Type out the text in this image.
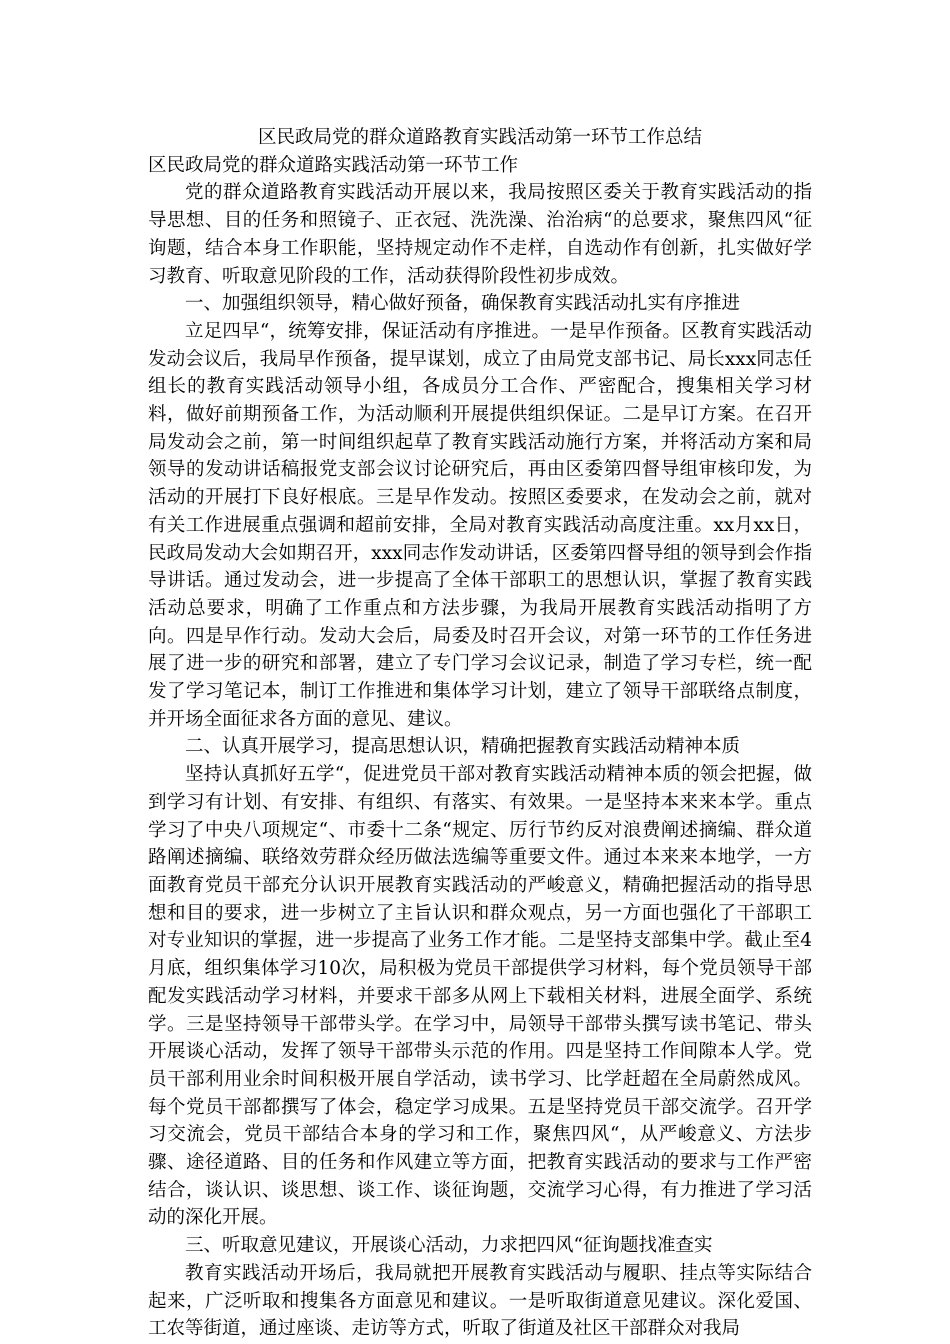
区民政局党的群众道路教育实践活动第一环节工作总结

区民政局党的群众道路实践活动第一环节工作

党的群众道路教育实践活动开展以来，我局按照区委关于教育实践活动的指导思想、目的任务和照镜子、正衣冠、洗洗澡、治治病“的总要求，聚焦四风“征询题，结合本身工作职能，坚持规定动作不走样，自选动作有创新，扎实做好学习教育、听取意见阶段的工作，活动获得阶段性初步成效。

一、加强组织领导，精心做好预备，确保教育实践活动扎实有序推进

立足四早“，统筹安排，保证活动有序推进。一是早作预备。区教育实践活动发动会议后，我局早作预备，提早谋划，成立了由局党支部书记、局长xxx同志任组长的教育实践活动领导小组，各成员分工合作、严密配合，搜集相关学习材料，做好前期预备工作，为活动顺利开展提供组织保证。二是早订方案。在召开局发动会之前，第一时间组织起草了教育实践活动施行方案，并将活动方案和局领导的发动讲话稿报党支部会议讨论研究后，再由区委第四督导组审核印发，为活动的开展打下良好根底。三是早作发动。按照区委要求，在发动会之前，就对有关工作进展重点强调和超前安排，全局对教育实践活动高度注重。xx月xx日，民政局发动大会如期召开，xxx同志作发动讲话，区委第四督导组的领导到会作指导讲话。通过发动会，进一步提高了全体干部职工的思想认识，掌握了教育实践活动总要求，明确了工作重点和方法步骤，为我局开展教育实践活动指明了方向。四是早作行动。发动大会后，局委及时召开会议，对第一环节的工作任务进展了进一步的研究和部署，建立了专门学习会议记录，制造了学习专栏，统一配发了学习笔记本，制订工作推进和集体学习计划，建立了领导干部联络点制度，并开场全面征求各方面的意见、建议。

二、认真开展学习，提高思想认识，精确把握教育实践活动精神本质

坚持认真抓好五学“，促进党员干部对教育实践活动精神本质的领会把握，做到学习有计划、有安排、有组织、有落实、有效果。一是坚持本来来本学。重点学习了中央八项规定“、市委十二条“规定、厉行节约反对浪费阐述摘编、群众道路阐述摘编、联络效劳群众经历做法选编等重要文件。通过本来来本地学，一方面教育党员干部充分认识开展教育实践活动的严峻意义，精确把握活动的指导思想和目的要求，进一步树立了主旨认识和群众观点，另一方面也强化了干部职工对专业知识的掌握，进一步提高了业务工作才能。二是坚持支部集中学。截止至4月底，组织集体学习10次，局积极为党员干部提供学习材料，每个党员领导干部配发实践活动学习材料，并要求干部多从网上下载相关材料，进展全面学、系统学。三是坚持领导干部带头学。在学习中，局领导干部带头撰写读书笔记、带头开展谈心活动，发挥了领导干部带头示范的作用。四是坚持工作间隙本人学。党员干部利用业余时间积极开展自学活动，读书学习、比学赶超在全局蔚然成风。每个党员干部都撰写了体会，稳定学习成果。五是坚持党员干部交流学。召开学习交流会，党员干部结合本身的学习和工作，聚焦四风“，从严峻意义、方法步骤、途径道路、目的任务和作风建立等方面，把教育实践活动的要求与工作严密结合，谈认识、谈思想、谈工作、谈征询题，交流学习心得，有力推进了学习活动的深化开展。

三、听取意见建议，开展谈心活动，力求把四风“征询题找准查实

教育实践活动开场后，我局就把开展教育实践活动与履职、挂点等实际结合起来，广泛听取和搜集各方面意见和建议。一是听取街道意见建议。深化爱国、工农等街道，通过座谈、走访等方式，听取了街道及社区干部群众对我局
